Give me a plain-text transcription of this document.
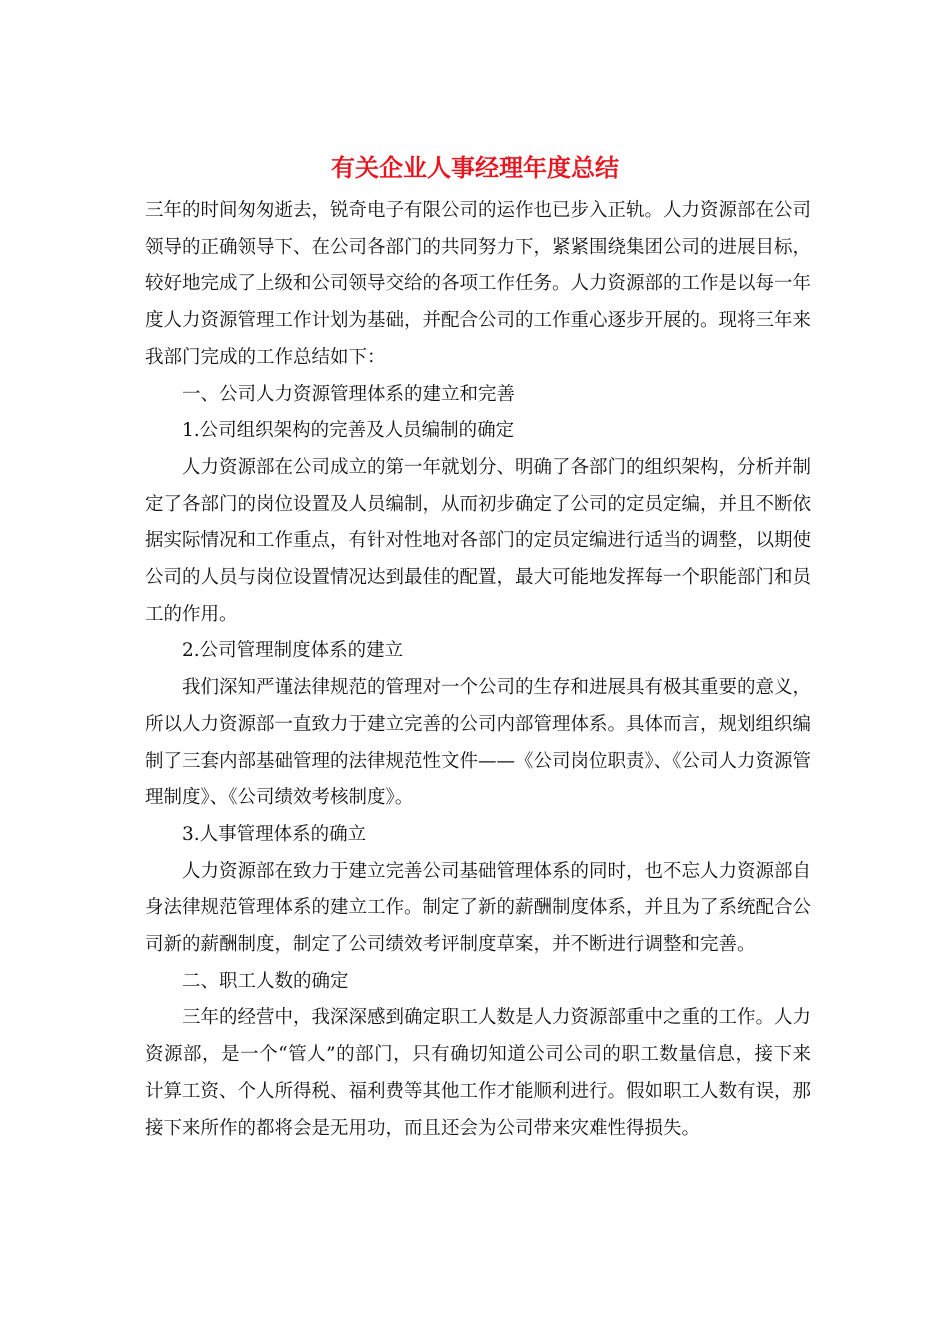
有关企业人事经理年度总结

三年的时间匆匆逝去，锐奇电子有限公司的运作也已步入正轨。人力资源部在公司领导的正确领导下、在公司各部门的共同努力下，紧紧围绕集团公司的进展目标，较好地完成了上级和公司领导交给的各项工作任务。人力资源部的工作是以每一年度人力资源管理工作计划为基础，并配合公司的工作重心逐步开展的。现将三年来我部门完成的工作总结如下：

一、公司人力资源管理体系的建立和完善

1.公司组织架构的完善及人员编制的确定

人力资源部在公司成立的第一年就划分、明确了各部门的组织架构，分析并制定了各部门的岗位设置及人员编制，从而初步确定了公司的定员定编，并且不断依据实际情况和工作重点，有针对性地对各部门的定员定编进行适当的调整，以期使公司的人员与岗位设置情况达到最佳的配置，最大可能地发挥每一个职能部门和员工的作用。

2.公司管理制度体系的建立

我们深知严谨法律规范的管理对一个公司的生存和进展具有极其重要的意义，所以人力资源部一直致力于建立完善的公司内部管理体系。具体而言，规划组织编制了三套内部基础管理的法律规范性文件——《公司岗位职责》、《公司人力资源管理制度》、《公司绩效考核制度》。

3.人事管理体系的确立

人力资源部在致力于建立完善公司基础管理体系的同时，也不忘人力资源部自身法律规范管理体系的建立工作。制定了新的薪酬制度体系，并且为了系统配合公司新的薪酬制度，制定了公司绩效考评制度草案，并不断进行调整和完善。

二、职工人数的确定

三年的经营中，我深深感到确定职工人数是人力资源部重中之重的工作。人力资源部，是一个“管人”的部门，只有确切知道公司公司的职工数量信息，接下来计算工资、个人所得税、福利费等其他工作才能顺利进行。假如职工人数有误，那接下来所作的都将会是无用功，而且还会为公司带来灾难性得损失。
